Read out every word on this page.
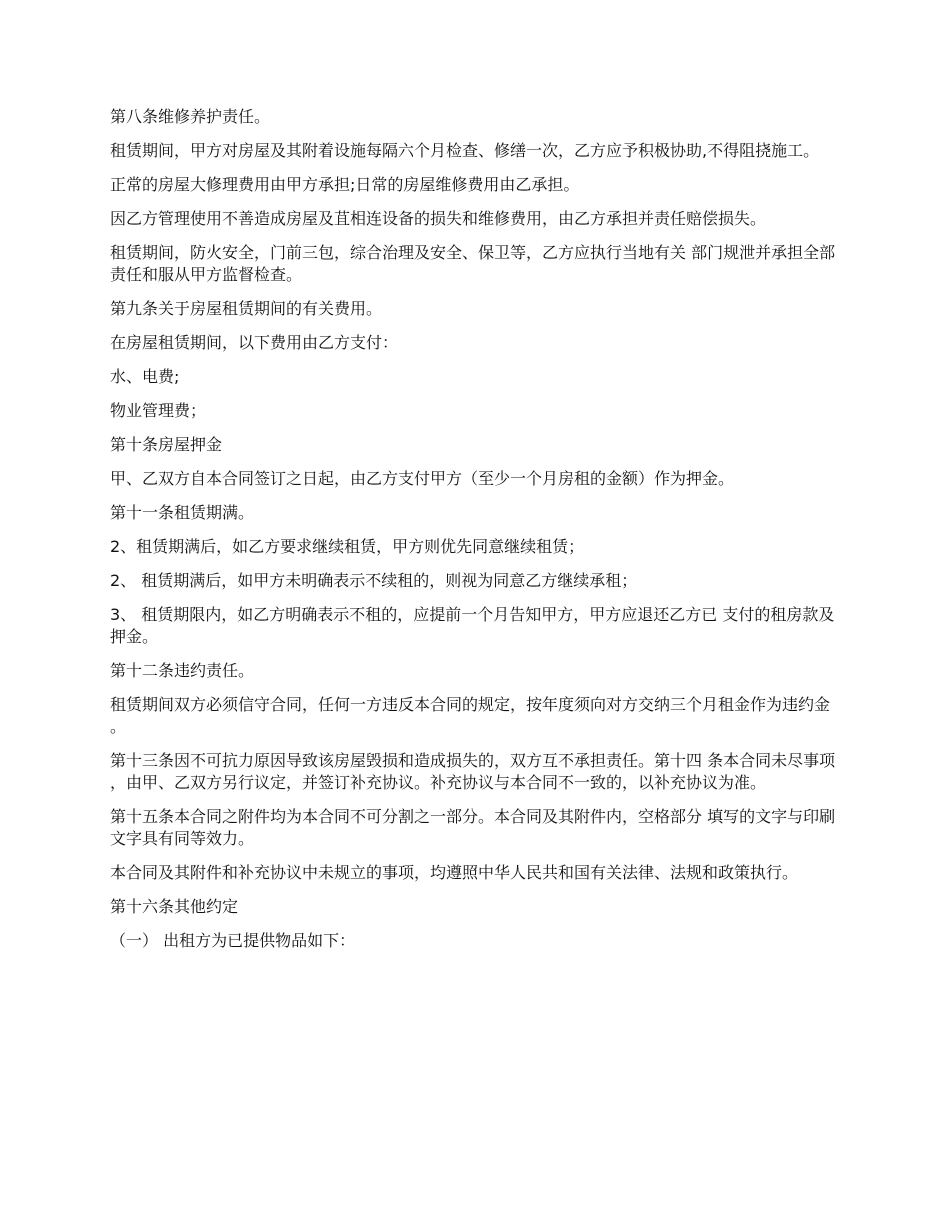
第八条维修养护责任。

租赁期间，甲方对房屋及其附着设施每隔六个月检查、修缮一次，乙方应予积极协助,不得阻挠施工。

正常的房屋大修理费用由甲方承担;日常的房屋维修费用由乙承担。

因乙方管理使用不善造成房屋及苴相连设备的损失和维修费用，由乙方承担并责任赔偿损失。

租赁期间，防火安全，门前三包，综合治理及安全、保卫等，乙方应执行当地有关 部门规泄并承担全部责任和服从甲方监督检查。

第九条关于房屋租赁期间的有关费用。

在房屋租赁期间，以下费用由乙方支付：

水、电费;

物业管理费；

第十条房屋押金

甲、乙双方自本合同签订之日起，由乙方支付甲方（至少一个月房租的金额）作为押金。

第十一条租赁期满。

2、租赁期满后，如乙方要求继续租赁，甲方则优先同意继续租赁；

2、 租赁期满后，如甲方未明确表示不续租的，则视为同意乙方继续承租；

3、 租赁期限内，如乙方明确表示不租的，应提前一个月告知甲方，甲方应退还乙方已 支付的租房款及押金。

第十二条违约责任。

租赁期间双方必须信守合同，任何一方违反本合同的规定，按年度须向对方交纳三个月租金作为违约金。

第十三条因不可抗力原因导致该房屋毁损和造成损失的，双方互不承担责任。第十四 条本合同未尽事项，由甲、乙双方另行议定，并签订补充协议。补充协议与本合同不一致的，以补充协议为准。

第十五条本合同之附件均为本合同不可分割之一部分。本合同及其附件内，空格部分 填写的文字与印刷文字具有同等效力。

本合同及其附件和补充协议中未规立的事项，均遵照中华人民共和国有关法律、法规和政策执行。

第十六条其他约定

（一） 出租方为已提供物品如下：
